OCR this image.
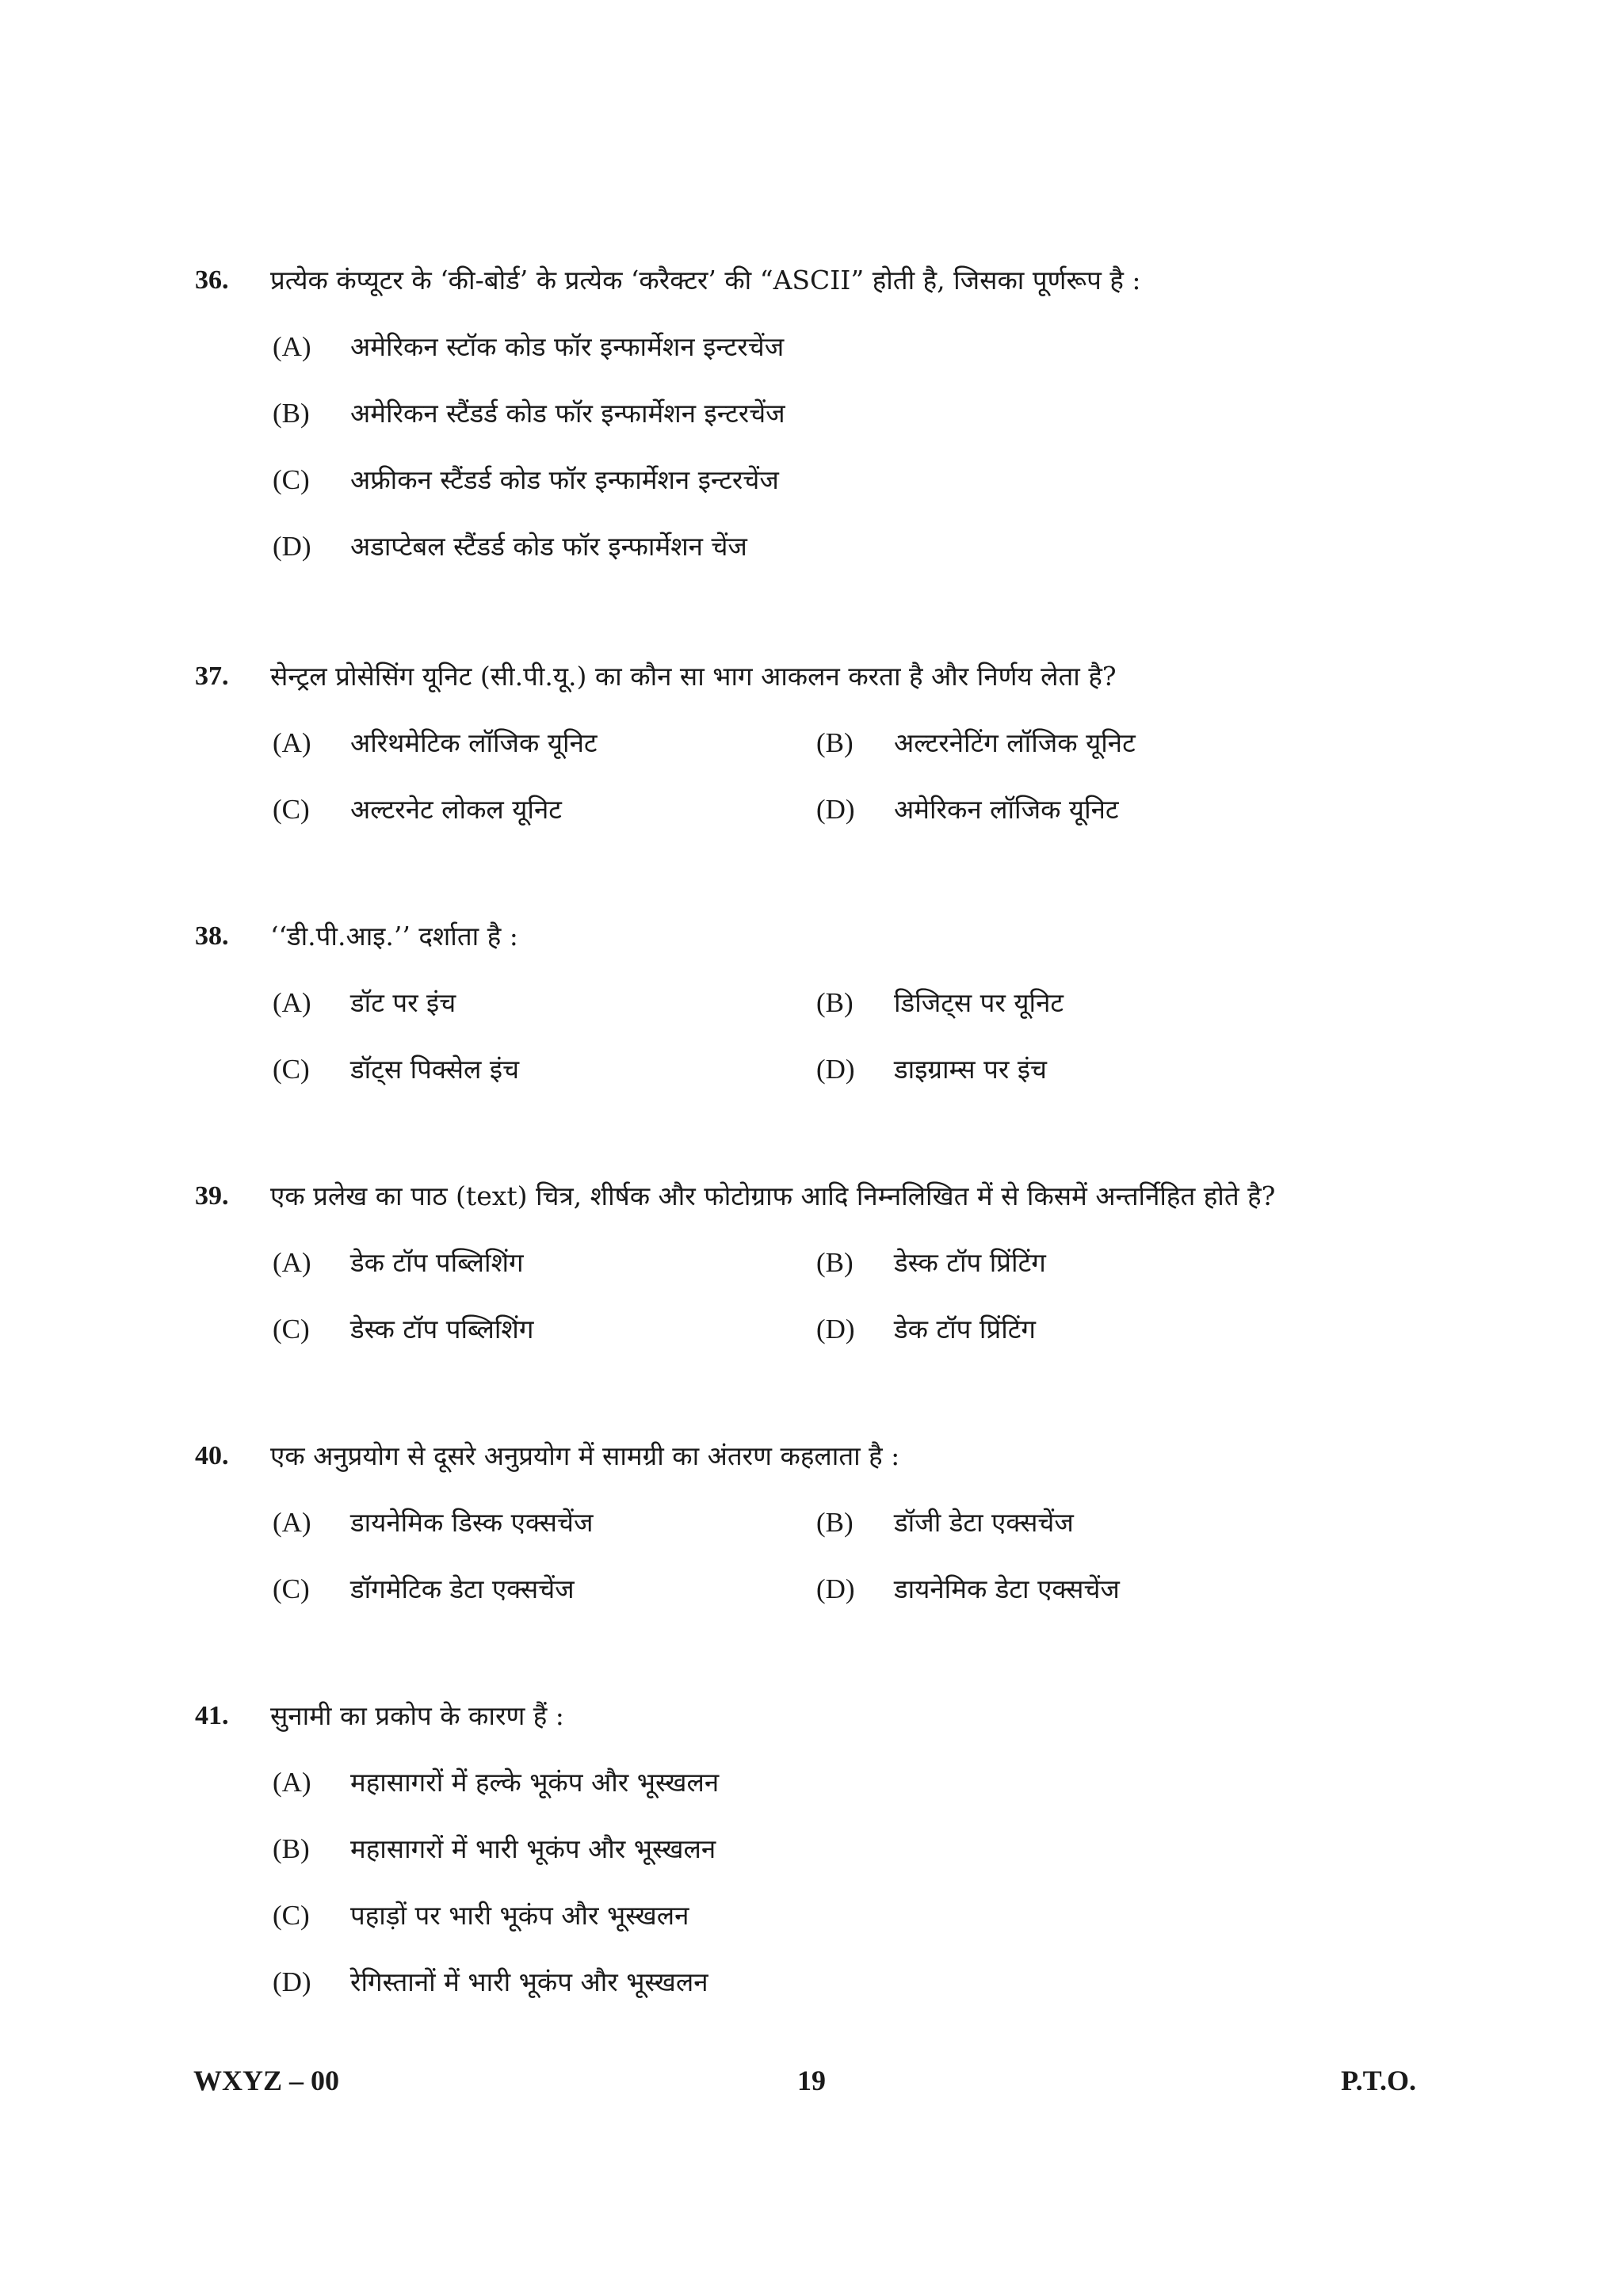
36. प्रत्येक कंप्यूटर के ‘की-बोर्ड’ के प्रत्येक ‘करैक्टर’ की “ASCII” होती है, जिसका पूर्णरूप है :
(A) अमेरिकन स्टॉक कोड फॉर इन्फार्मेशन इन्टरचेंज
(B) अमेरिकन स्टैंडर्ड कोड फॉर इन्फार्मेशन इन्टरचेंज
(C) अफ्रीकन स्टैंडर्ड कोड फॉर इन्फार्मेशन इन्टरचेंज
(D) अडाप्टेबल स्टैंडर्ड कोड फॉर इन्फार्मेशन चेंज
37. सेन्ट्रल प्रोसेसिंग यूनिट (सी.पी.यू.) का कौन सा भाग आकलन करता है और निर्णय लेता है?
(A) अरिथमेटिक लॉजिक यूनिट	(B) अल्टरनेटिंग लॉजिक यूनिट
(C) अल्टरनेट लोकल यूनिट	(D) अमेरिकन लॉजिक यूनिट
38. ‘‘डी.पी.आइ.’’ दर्शाता है :
(A) डॉट पर इंच	(B) डिजिट्स पर यूनिट
(C) डॉट्स पिक्सेल इंच	(D) डाइग्राम्स पर इंच
39. एक प्रलेख का पाठ (text) चित्र, शीर्षक और फोटोग्राफ आदि निम्नलिखित में से किसमें अन्तर्निहित होते है?
(A) डेक टॉप पब्लिशिंग	(B) डेस्क टॉप प्रिंटिंग
(C) डेस्क टॉप पब्लिशिंग	(D) डेक टॉप प्रिंटिंग
40. एक अनुप्रयोग से दूसरे अनुप्रयोग में सामग्री का अंतरण कहलाता है :
(A) डायनेमिक डिस्क एक्सचेंज	(B) डॉजी डेटा एक्सचेंज
(C) डॉगमेटिक डेटा एक्सचेंज	(D) डायनेमिक डेटा एक्सचेंज
41. सुनामी का प्रकोप के कारण हैं :
(A) महासागरों में हल्के भूकंप और भूस्खलन
(B) महासागरों में भारी भूकंप और भूस्खलन
(C) पहाड़ों पर भारी भूकंप और भूस्खलन
(D) रेगिस्तानों में भारी भूकंप और भूस्खलन
WXYZ – 00	19	P.T.O.
